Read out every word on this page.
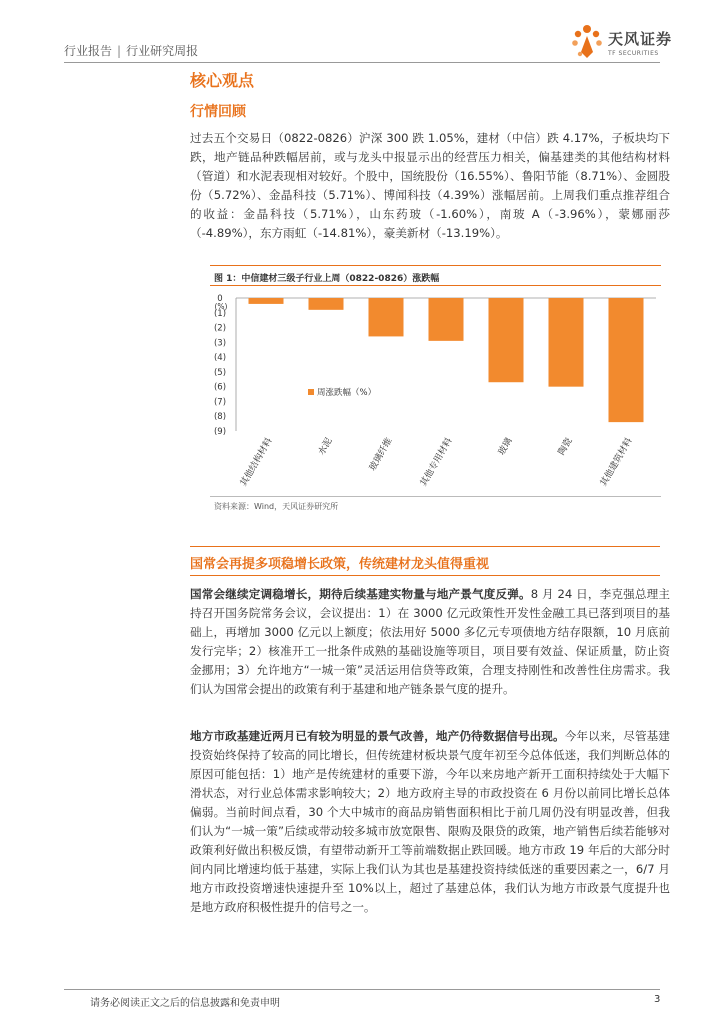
行业报告 | 行业研究周报
天风证券
TF SECURITIES
核心观点
行情回顾
过去五个交易日（0822-0826）沪深 300 跌 1.05%，建材（中信）跌 4.17%，子板块均下跌，地产链品种跌幅居前，或与龙头中报显示出的经营压力相关，偏基建类的其他结构材料（管道）和水泥表现相对较好。个股中，国统股份（16.55%）、鲁阳节能（8.71%）、金圆股份（5.72%）、金晶科技（5.71%）、博闻科技（4.39%）涨幅居前。上周我们重点推荐组合的收益：金晶科技（5.71%），山东药玻（-1.60%），南玻 A（-3.96%），蒙娜丽莎（-4.89%），东方雨虹（-14.81%），豪美新材（-13.19%）。
图 1：中信建材三级子行业上周（0822-0826）涨跌幅
0
(1)
(2)
(3)
(4)
(5)
(6)
(7)
(8)
(9)
(%)
其他结构材料	水泥	玻璃纤维	其他专用材料	玻璃	陶瓷	其他建筑材料
周涨跌幅（%）
资料来源：Wind，天风证券研究所
国常会再提多项稳增长政策，传统建材龙头值得重视
国常会继续定调稳增长，期待后续基建实物量与地产景气度反弹。8 月 24 日，李克强总理主持召开国务院常务会议，会议提出：1）在 3000 亿元政策性开发性金融工具已落到项目的基础上，再增加 3000 亿元以上额度；依法用好 5000 多亿元专项债地方结存限额，10 月底前发行完毕；2）核准开工一批条件成熟的基础设施等项目，项目要有效益、保证质量，防止资金挪用；3）允许地方“一城一策”灵活运用信贷等政策，合理支持刚性和改善性住房需求。我们认为国常会提出的政策有利于基建和地产链条景气度的提升。
地方市政基建近两月已有较为明显的景气改善，地产仍待数据信号出现。今年以来，尽管基建投资始终保持了较高的同比增长，但传统建材板块景气度年初至今总体低迷，我们判断总体的原因可能包括：1）地产是传统建材的重要下游，今年以来房地产新开工面积持续处于大幅下滑状态，对行业总体需求影响较大；2）地方政府主导的市政投资在 6 月份以前同比增长总体偏弱。当前时间点看，30 个大中城市的商品房销售面积相比于前几周仍没有明显改善，但我们认为“一城一策”后续或带动较多城市放宽限售、限购及限贷的政策，地产销售后续若能够对政策利好做出积极反馈，有望带动新开工等前端数据止跌回暖。地方市政 19 年后的大部分时间内同比增速均低于基建，实际上我们认为其也是基建投资持续低迷的重要因素之一，6/7 月地方市政投资增速快速提升至 10%以上，超过了基建总体，我们认为地方市政景气度提升也是地方政府积极性提升的信号之一。
请务必阅读正文之后的信息披露和免责申明	3
